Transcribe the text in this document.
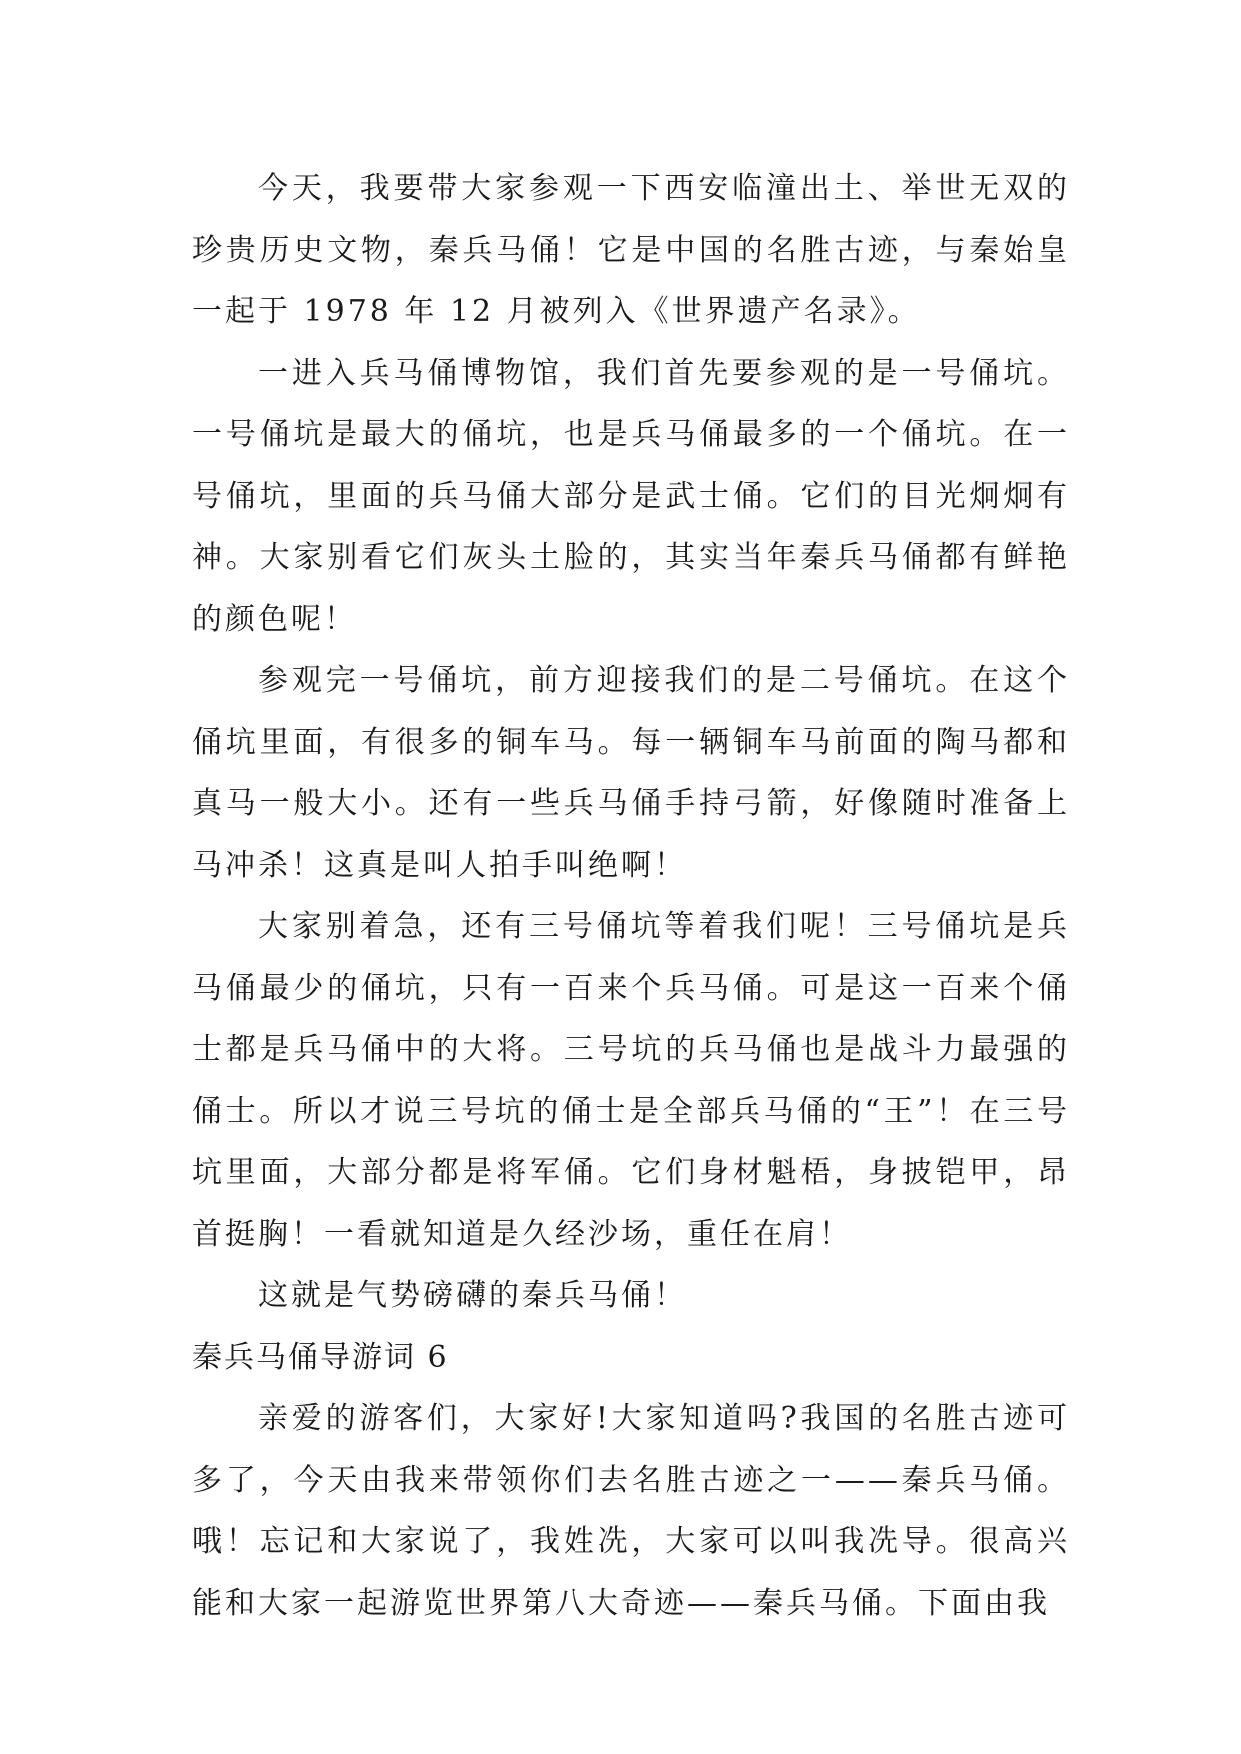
今天，我要带大家参观一下西安临潼出土、举世无双的珍贵历史文物，秦兵马俑！它是中国的名胜古迹，与秦始皇一起于 1978 年 12 月被列入《世界遗产名录》。

一进入兵马俑博物馆，我们首先要参观的是一号俑坑。一号俑坑是最大的俑坑，也是兵马俑最多的一个俑坑。在一号俑坑，里面的兵马俑大部分是武士俑。它们的目光炯炯有神。大家别看它们灰头土脸的，其实当年秦兵马俑都有鲜艳的颜色呢！

参观完一号俑坑，前方迎接我们的是二号俑坑。在这个俑坑里面，有很多的铜车马。每一辆铜车马前面的陶马都和真马一般大小。还有一些兵马俑手持弓箭，好像随时准备上马冲杀！这真是叫人拍手叫绝啊！

大家别着急，还有三号俑坑等着我们呢！三号俑坑是兵马俑最少的俑坑，只有一百来个兵马俑。可是这一百来个俑士都是兵马俑中的大将。三号坑的兵马俑也是战斗力最强的俑士。所以才说三号坑的俑士是全部兵马俑的“王”！在三号坑里面，大部分都是将军俑。它们身材魁梧，身披铠甲，昂首挺胸！一看就知道是久经沙场，重任在肩！

这就是气势磅礴的秦兵马俑！

秦兵马俑导游词 6

亲爱的游客们，大家好!大家知道吗?我国的名胜古迹可多了，今天由我来带领你们去名胜古迹之一——秦兵马俑。哦！忘记和大家说了，我姓冼，大家可以叫我冼导。很高兴能和大家一起游览世界第八大奇迹——秦兵马俑。下面由我
